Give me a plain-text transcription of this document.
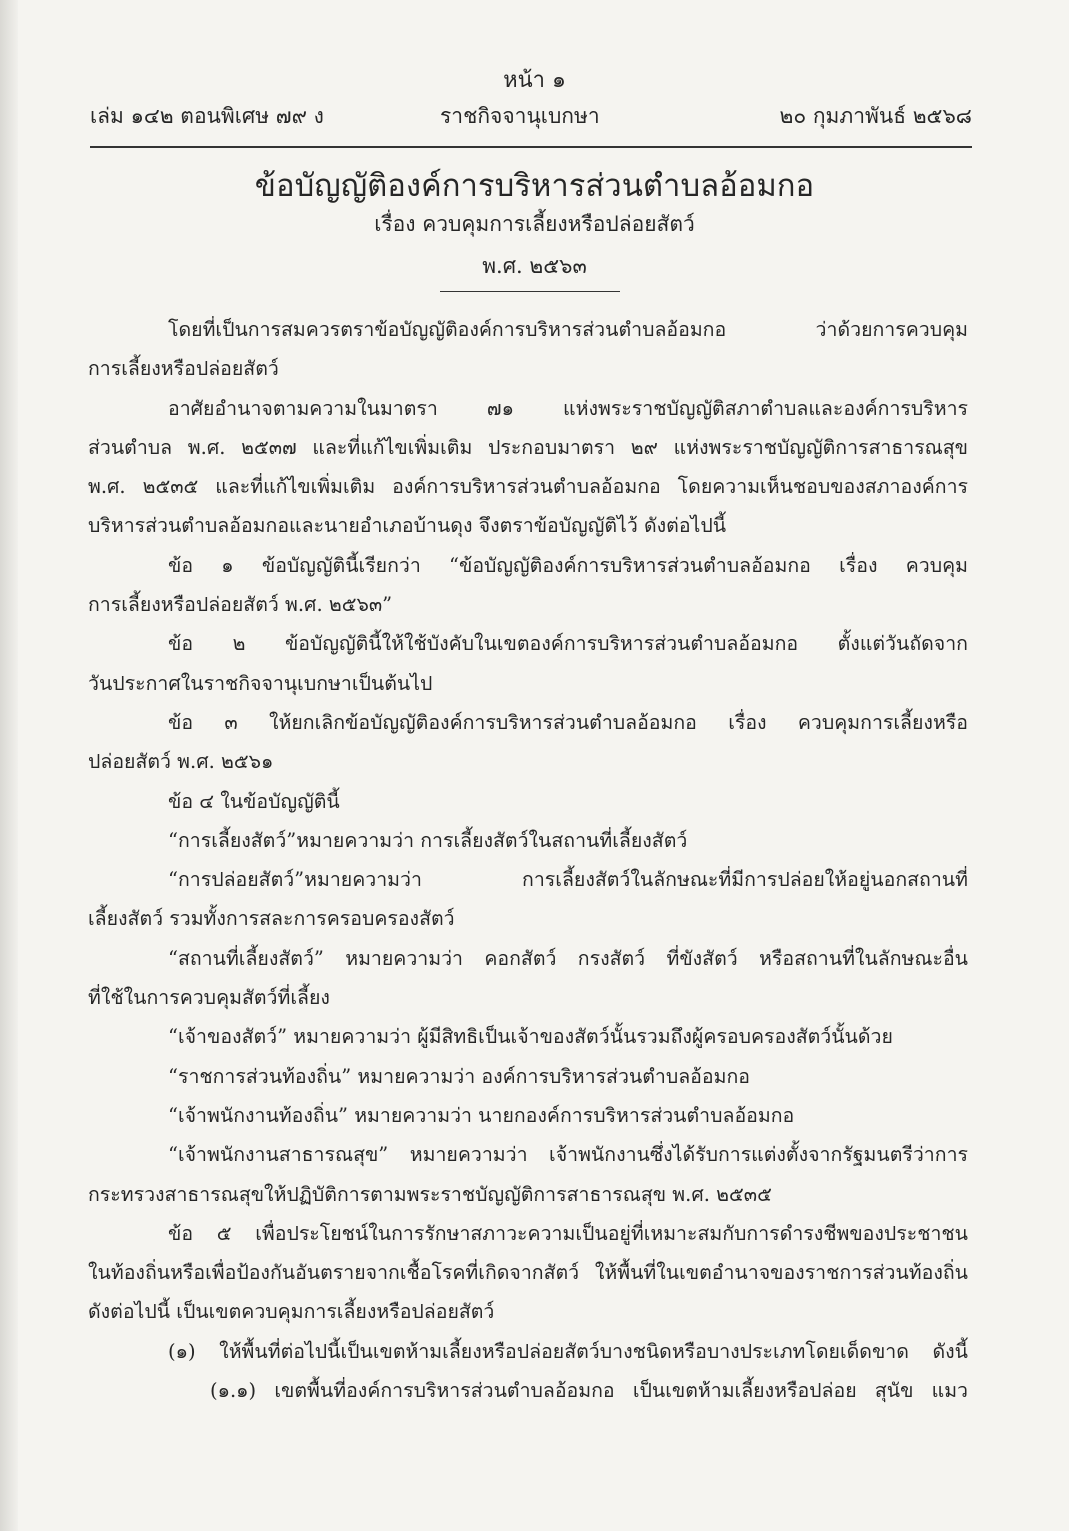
หน้า ๑
เล่ม ๑๔๒ ตอนพิเศษ ๗๙ ง	ราชกิจจานุเบกษา	๒๐ กุมภาพันธ์ ๒๕๖๘
ข้อบัญญัติองค์การบริหารส่วนตำบลอ้อมกอ
เรื่อง ควบคุมการเลี้ยงหรือปล่อยสัตว์
พ.ศ. ๒๕๖๓

โดยที่เป็นการสมควรตราข้อบัญญัติองค์การบริหารส่วนตำบลอ้อมกอ ว่าด้วยการควบคุม

การเลี้ยงหรือปล่อยสัตว์

อาศัยอำนาจตามความในมาตรา ๗๑ แห่งพระราชบัญญัติสภาตำบลและองค์การบริหาร

ส่วนตำบล พ.ศ. ๒๕๓๗ และที่แก้ไขเพิ่มเติม ประกอบมาตรา ๒๙ แห่งพระราชบัญญัติการสาธารณสุข

พ.ศ. ๒๕๓๕ และที่แก้ไขเพิ่มเติม องค์การบริหารส่วนตำบลอ้อมกอ โดยความเห็นชอบของสภาองค์การ

บริหารส่วนตำบลอ้อมกอและนายอำเภอบ้านดุง จึงตราข้อบัญญัติไว้ ดังต่อไปนี้

ข้อ ๑ ข้อบัญญัตินี้เรียกว่า “ข้อบัญญัติองค์การบริหารส่วนตำบลอ้อมกอ เรื่อง ควบคุม

การเลี้ยงหรือปล่อยสัตว์ พ.ศ. ๒๕๖๓”

ข้อ ๒ ข้อบัญญัตินี้ให้ใช้บังคับในเขตองค์การบริหารส่วนตำบลอ้อมกอ ตั้งแต่วันถัดจาก

วันประกาศในราชกิจจานุเบกษาเป็นต้นไป

ข้อ ๓ ให้ยกเลิกข้อบัญญัติองค์การบริหารส่วนตำบลอ้อมกอ เรื่อง ควบคุมการเลี้ยงหรือ

ปล่อยสัตว์ พ.ศ. ๒๕๖๑

ข้อ ๔ ในข้อบัญญัตินี้

“การเลี้ยงสัตว์”หมายความว่า การเลี้ยงสัตว์ในสถานที่เลี้ยงสัตว์

“การปล่อยสัตว์”หมายความว่า การเลี้ยงสัตว์ในลักษณะที่มีการปล่อยให้อยู่นอกสถานที่

เลี้ยงสัตว์ รวมทั้งการสละการครอบครองสัตว์

“สถานที่เลี้ยงสัตว์” หมายความว่า คอกสัตว์ กรงสัตว์ ที่ขังสัตว์ หรือสถานที่ในลักษณะอื่น

ที่ใช้ในการควบคุมสัตว์ที่เลี้ยง

“เจ้าของสัตว์” หมายความว่า ผู้มีสิทธิเป็นเจ้าของสัตว์นั้นรวมถึงผู้ครอบครองสัตว์นั้นด้วย

“ราชการส่วนท้องถิ่น” หมายความว่า องค์การบริหารส่วนตำบลอ้อมกอ

“เจ้าพนักงานท้องถิ่น” หมายความว่า นายกองค์การบริหารส่วนตำบลอ้อมกอ

“เจ้าพนักงานสาธารณสุข” หมายความว่า เจ้าพนักงานซึ่งได้รับการแต่งตั้งจากรัฐมนตรีว่าการ

กระทรวงสาธารณสุขให้ปฏิบัติการตามพระราชบัญญัติการสาธารณสุข พ.ศ. ๒๕๓๕

ข้อ ๕ เพื่อประโยชน์ในการรักษาสภาวะความเป็นอยู่ที่เหมาะสมกับการดำรงชีพของประชาชน

ในท้องถิ่นหรือเพื่อป้องกันอันตรายจากเชื้อโรคที่เกิดจากสัตว์ ให้พื้นที่ในเขตอำนาจของราชการส่วนท้องถิ่น

ดังต่อไปนี้ เป็นเขตควบคุมการเลี้ยงหรือปล่อยสัตว์

(๑) ให้พื้นที่ต่อไปนี้เป็นเขตห้ามเลี้ยงหรือปล่อยสัตว์บางชนิดหรือบางประเภทโดยเด็ดขาด ดังนี้

(๑.๑) เขตพื้นที่องค์การบริหารส่วนตำบลอ้อมกอ เป็นเขตห้ามเลี้ยงหรือปล่อย สุนัข แมว
